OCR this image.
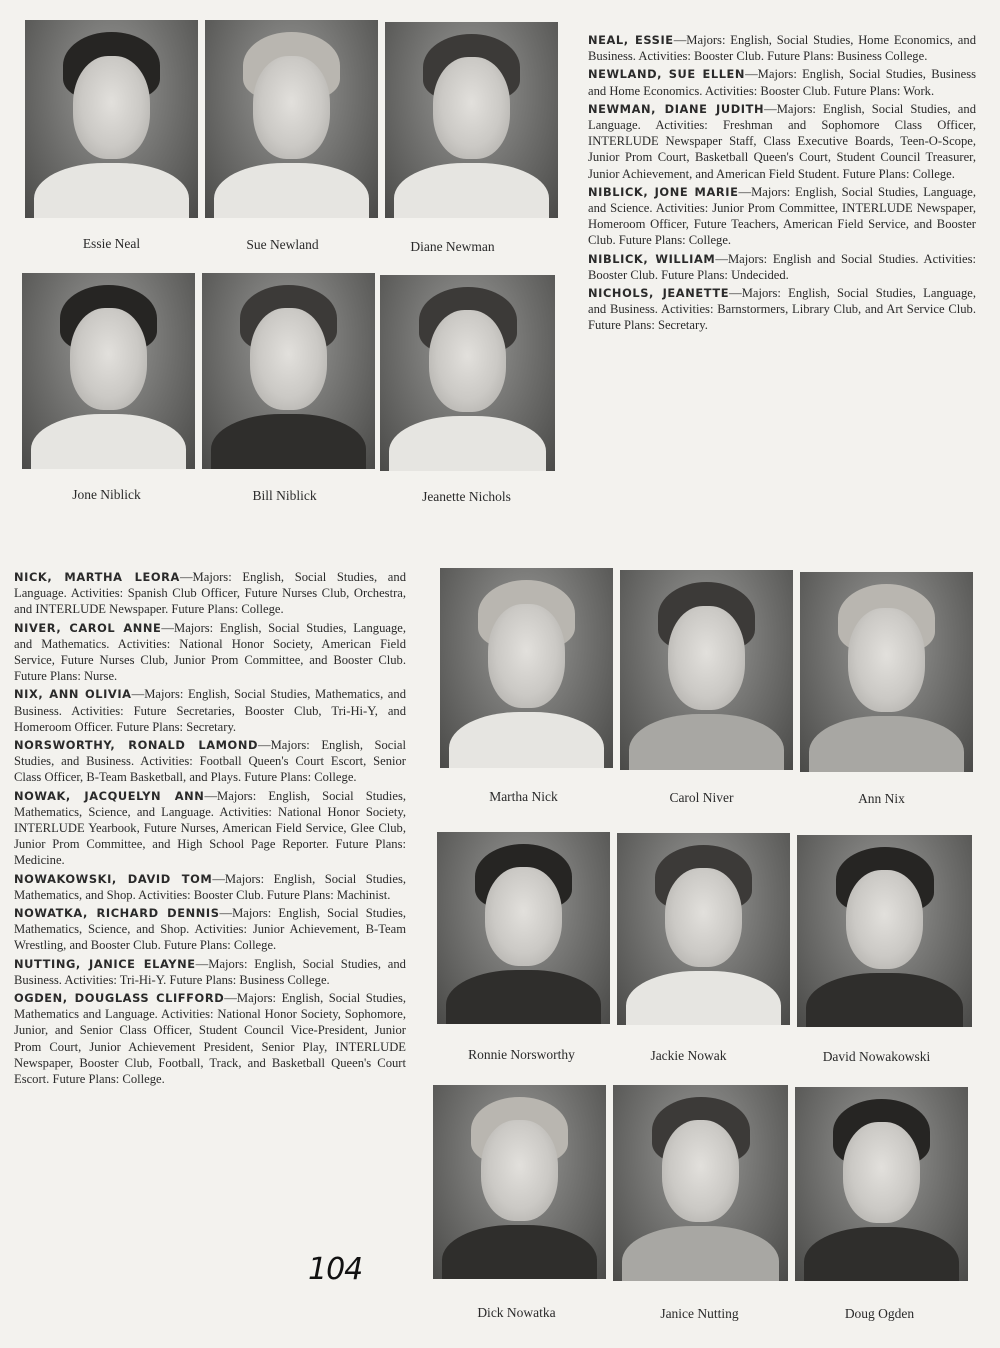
Essie Neal	Sue Newland	Diane Newman
Jone Niblick	Bill Niblick	Jeanette Nichols

NEAL, ESSIE—Majors: English, Social Studies, Home Economics, and Business. Activities: Booster Club. Future Plans: Business College.

NEWLAND, SUE ELLEN—Majors: English, Social Studies, Business and Home Economics. Activities: Booster Club. Future Plans: Work.

NEWMAN, DIANE JUDITH—Majors: English, Social Studies, and Language. Activities: Freshman and Sophomore Class Officer, INTERLUDE Newspaper Staff, Class Executive Boards, Teen-O-Scope, Junior Prom Court, Basketball Queen's Court, Student Council Treasurer, Junior Achievement, and American Field Student. Future Plans: College.

NIBLICK, JONE MARIE—Majors: English, Social Studies, Language, and Science. Activities: Junior Prom Committee, INTERLUDE Newspaper, Homeroom Officer, Future Teachers, American Field Service, and Booster Club. Future Plans: College.

NIBLICK, WILLIAM—Majors: English and Social Studies. Activities: Booster Club. Future Plans: Undecided.

NICHOLS, JEANETTE—Majors: English, Social Studies, Language, and Business. Activities: Barnstormers, Library Club, and Art Service Club. Future Plans: Secretary.

NICK, MARTHA LEORA—Majors: English, Social Studies, and Language. Activities: Spanish Club Officer, Future Nurses Club, Orchestra, and INTERLUDE Newspaper. Future Plans: College.

NIVER, CAROL ANNE—Majors: English, Social Studies, Language, and Mathematics. Activities: National Honor Society, American Field Service, Future Nurses Club, Junior Prom Committee, and Booster Club. Future Plans: Nurse.

NIX, ANN OLIVIA—Majors: English, Social Studies, Mathematics, and Business. Activities: Future Secretaries, Booster Club, Tri-Hi-Y, and Homeroom Officer. Future Plans: Secretary.

NORSWORTHY, RONALD LAMOND—Majors: English, Social Studies, and Business. Activities: Football Queen's Court Escort, Senior Class Officer, B-Team Basketball, and Plays. Future Plans: College.

NOWAK, JACQUELYN ANN—Majors: English, Social Studies, Mathematics, Science, and Language. Activities: National Honor Society, INTERLUDE Yearbook, Future Nurses, American Field Service, Glee Club, Junior Prom Committee, and High School Page Reporter. Future Plans: Medicine.

NOWAKOWSKI, DAVID TOM—Majors: English, Social Studies, Mathematics, and Shop. Activities: Booster Club. Future Plans: Machinist.

NOWATKA, RICHARD DENNIS—Majors: English, Social Studies, Mathematics, Science, and Shop. Activities: Junior Achievement, B-Team Wrestling, and Booster Club. Future Plans: College.

NUTTING, JANICE ELAYNE—Majors: English, Social Studies, and Business. Activities: Tri-Hi-Y. Future Plans: Business College.

OGDEN, DOUGLASS CLIFFORD—Majors: English, Social Studies, Mathematics and Language. Activities: National Honor Society, Sophomore, Junior, and Senior Class Officer, Student Council Vice-President, Junior Prom Court, Junior Achievement President, Senior Play, INTERLUDE Newspaper, Booster Club, Football, Track, and Basketball Queen's Court Escort. Future Plans: College.

Martha Nick	Carol Niver	Ann Nix
Ronnie Norsworthy	Jackie Nowak	David Nowakowski
Dick Nowatka	Janice Nutting	Doug Ogden
104
